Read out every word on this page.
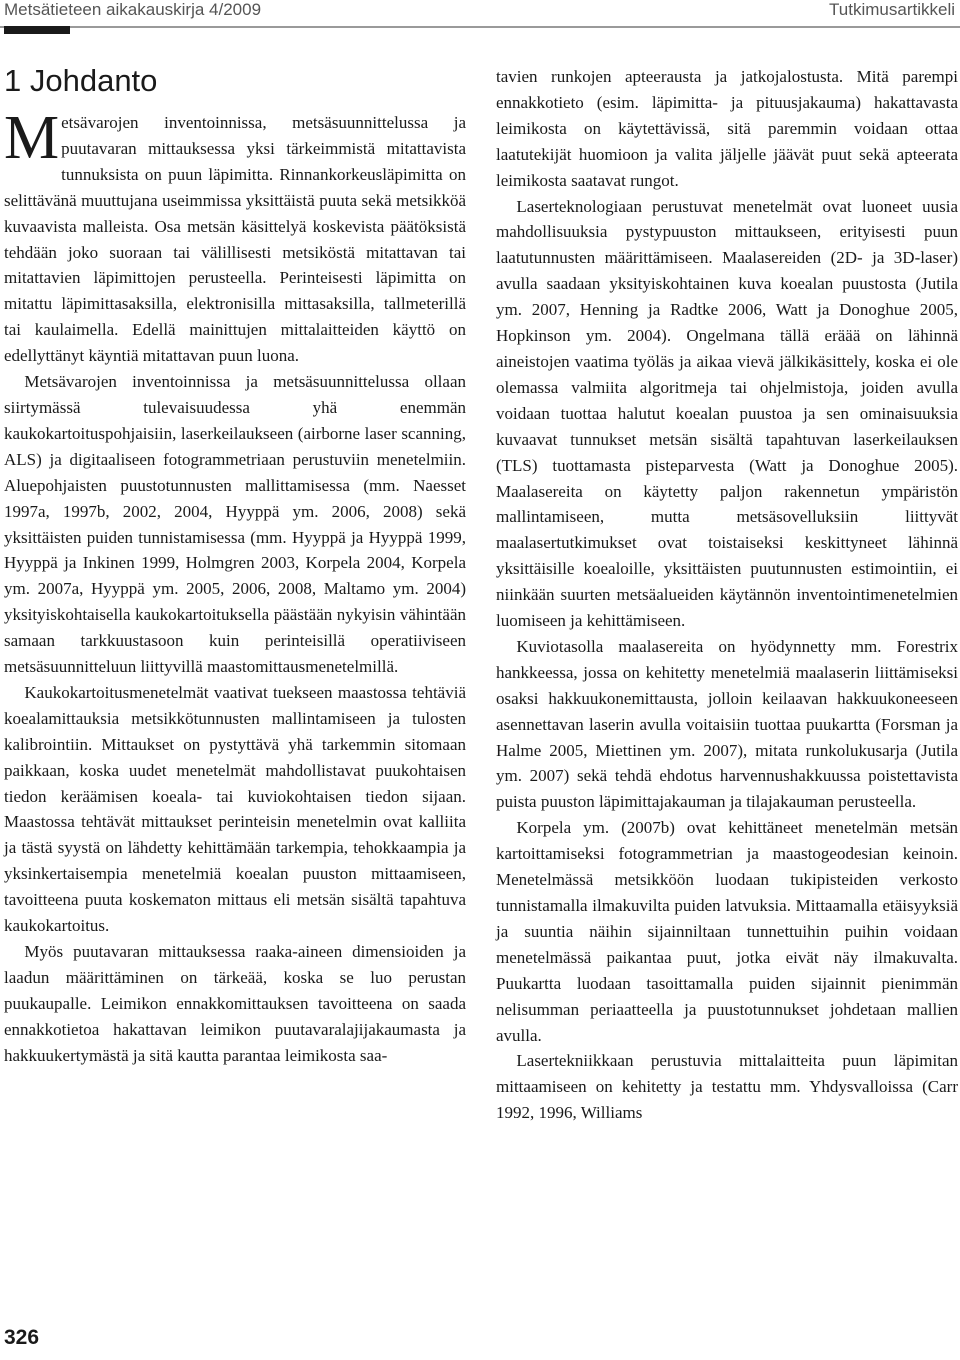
Metsätieteen aikakauskirja 4/2009	Tutkimusartikkeli
1 Johdanto

Metsävarojen inventoinnissa, metsäsuunnittelussa ja puutavaran mittauksessa yksi tärkeimmistä mitattavista tunnuksista on puun läpimitta. Rinnankorkeusläpimitta on selittävänä muuttujana useimmissa yksittäistä puuta sekä metsikköä kuvaavista malleista. Osa metsän käsittelyä koskevista päätöksistä tehdään joko suoraan tai välillisesti metsiköstä mitattavan tai mitattavien läpimittojen perusteella. Perinteisesti läpimitta on mitattu läpimittasaksilla, elektronisilla mittasaksilla, tallmeterillä tai kaulaimella. Edellä mainittujen mittalaitteiden käyttö on edellyttänyt käyntiä mitattavan puun luona.

Metsävarojen inventoinnissa ja metsäsuunnittelussa ollaan siirtymässä tulevaisuudessa yhä enemmän kaukokartoituspohjaisiin, laserkeilaukseen (airborne laser scanning, ALS) ja digitaaliseen fotogrammetriaan perustuviin menetelmiin. Aluepohjaisten puustotunnusten mallittamisessa (mm. Naesset 1997a, 1997b, 2002, 2004, Hyyppä ym. 2006, 2008) sekä yksittäisten puiden tunnistamisessa (mm. Hyyppä ja Hyyppä 1999, Hyyppä ja Inkinen 1999, Holmgren 2003, Korpela 2004, Korpela ym. 2007a, Hyyppä ym. 2005, 2006, 2008, Maltamo ym. 2004) yksityiskohtaisella kaukokartoituksella päästään nykyisin vähintään samaan tarkkuustasoon kuin perinteisillä operatiiviseen metsäsuunnitteluun liittyvillä maastomittausmenetelmillä.

Kaukokartoitusmenetelmät vaativat tuekseen maastossa tehtäviä koealamittauksia metsikkötunnusten mallintamiseen ja tulosten kalibrointiin. Mittaukset on pystyttävä yhä tarkemmin sitomaan paikkaan, koska uudet menetelmät mahdollistavat puukohtaisen tiedon keräämisen koeala- tai kuviokohtaisen tiedon sijaan. Maastossa tehtävät mittaukset perinteisin menetelmin ovat kalliita ja tästä syystä on lähdetty kehittämään tarkempia, tehokkaampia ja yksinkertaisempia menetelmiä koealan puuston mittaamiseen, tavoitteena puuta koskematon mittaus eli metsän sisältä tapahtuva kaukokartoitus.

Myös puutavaran mittauksessa raaka-aineen dimensioiden ja laadun määrittäminen on tärkeää, koska se luo perustan puukaupalle. Leimikon ennakkomittauksen tavoitteena on saada ennakkotietoa hakattavan leimikon puutavaralajijakaumasta ja hakkuukertymästä ja sitä kautta parantaa leimikosta saa-

tavien runkojen apteerausta ja jatkojalostusta. Mitä parempi ennakkotieto (esim. läpimitta- ja pituusjakauma) hakattavasta leimikosta on käytettävissä, sitä paremmin voidaan ottaa laatutekijät huomioon ja valita jäljelle jäävät puut sekä apteerata leimikosta saatavat rungot.

Laserteknologiaan perustuvat menetelmät ovat luoneet uusia mahdollisuuksia pystypuuston mittaukseen, erityisesti puun laatutunnusten määrittämiseen. Maalasereiden (2D- ja 3D-laser) avulla saadaan yksityiskohtainen kuva koealan puustosta (Jutila ym. 2007, Henning ja Radtke 2006, Watt ja Donoghue 2005, Hopkinson ym. 2004). Ongelmana tällä eräää on lähinnä aineistojen vaatima työläs ja aikaa vievä jälkikäsittely, koska ei ole olemassa valmiita algoritmeja tai ohjelmistoja, joiden avulla voidaan tuottaa halutut koealan puustoa ja sen ominaisuuksia kuvaavat tunnukset metsän sisältä tapahtuvan laserkeilauksen (TLS) tuottamasta pisteparvesta (Watt ja Donoghue 2005). Maalasereita on käytetty paljon rakennetun ympäristön mallintamiseen, mutta metsäsovelluksiin liittyvät maalasertutkimukset ovat toistaiseksi keskittyneet lähinnä yksittäisille koealoille, yksittäisten puutunnusten estimointiin, ei niinkään suurten metsäalueiden käytännön inventointimenetelmien luomiseen ja kehittämiseen.

Kuviotasolla maalasereita on hyödynnetty mm. Forestrix hankkeessa, jossa on kehitetty menetelmiä maalaserin liittämiseksi osaksi hakkuukonemittausta, jolloin keilaavan hakkuukoneeseen asennettavan laserin avulla voitaisiin tuottaa puukartta (Forsman ja Halme 2005, Miettinen ym. 2007), mitata runkolukusarja (Jutila ym. 2007) sekä tehdä ehdotus harvennushakkuussa poistettavista puista puuston läpimittajakauman ja tilajakauman perusteella.

Korpela ym. (2007b) ovat kehittäneet menetelmän metsän kartoittamiseksi fotogrammetrian ja maastogeodesian keinoin. Menetelmässä metsikköön luodaan tukipisteiden verkosto tunnistamalla ilmakuvilta puiden latvuksia. Mittaamalla etäisyyksiä ja suuntia näihin sijainniltaan tunnettuihin puihin voidaan menetelmässä paikantaa puut, jotka eivät näy ilmakuvalta. Puukartta luodaan tasoittamalla puiden sijainnit pienimmän nelisumman periaatteella ja puustotunnukset johdetaan mallien avulla.

Lasertekniikkaan perustuvia mittalaitteita puun läpimitan mittaamiseen on kehitetty ja testattu mm. Yhdysvalloissa (Carr 1992, 1996, Williams

326
